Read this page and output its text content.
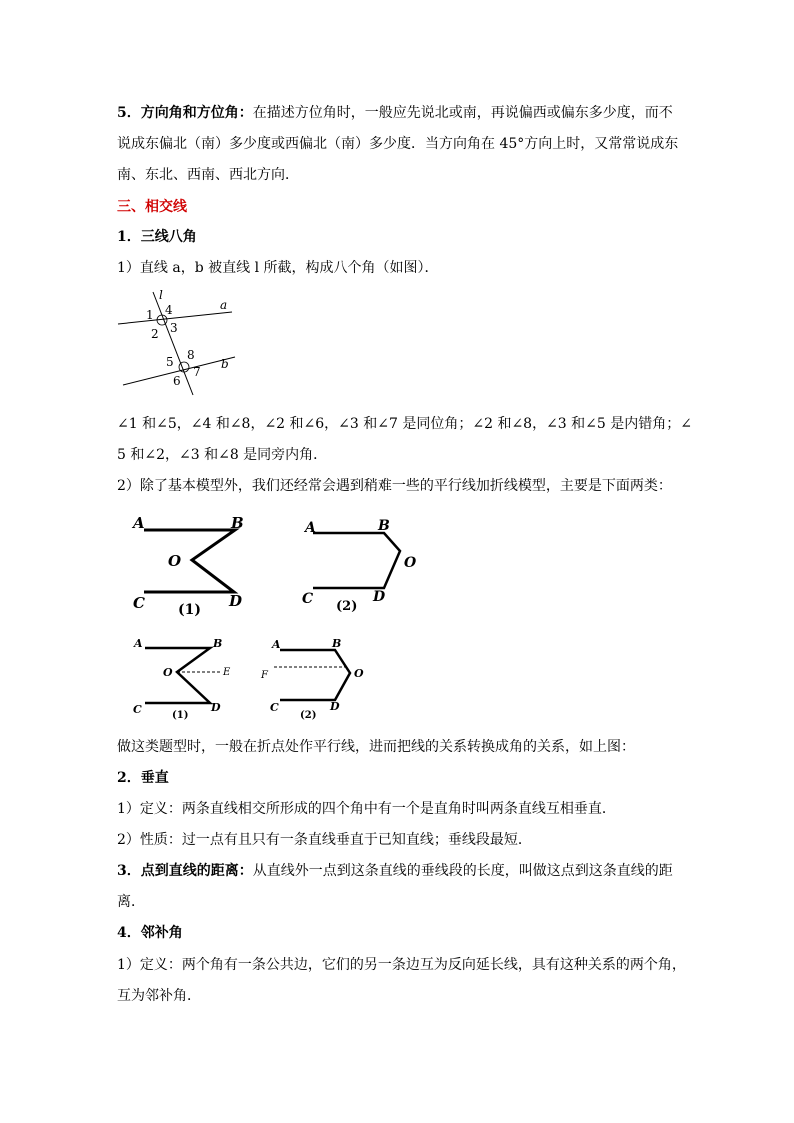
5．方向角和方位角：在描述方位角时，一般应先说北或南，再说偏西或偏东多少度，而不
说成东偏北（南）多少度或西偏北（南）多少度．当方向角在 45°方向上时，又常常说成东
南、东北、西南、西北方向．
三、相交线
1．三线八角
1）直线 a，b 被直线 l 所截，构成八个角（如图）．
l
a
b
1 4
2 3
5 8
6
7
∠1 和∠5，∠4 和∠8，∠2 和∠6，∠3 和∠7 是同位角；∠2 和∠8，∠3 和∠5 是内错角；∠
5 和∠2，∠3 和∠8 是同旁内角．
2）除了基本模型外，我们还经常会遇到稍难一些的平行线加折线模型，主要是下面两类：
A	B
O
C	D
(1)
A	B
O
C	D
(2)
A	B
O	E
C	D
(1)
A	B
O
F
C	D
(2)
做这类题型时，一般在折点处作平行线，进而把线的关系转换成角的关系，如上图：
2．垂直
1）定义：两条直线相交所形成的四个角中有一个是直角时叫两条直线互相垂直．
2）性质：过一点有且只有一条直线垂直于已知直线；垂线段最短．
3．点到直线的距离：从直线外一点到这条直线的垂线段的长度，叫做这点到这条直线的距
离．
4．邻补角
1）定义：两个角有一条公共边，它们的另一条边互为反向延长线，具有这种关系的两个角，
互为邻补角．
